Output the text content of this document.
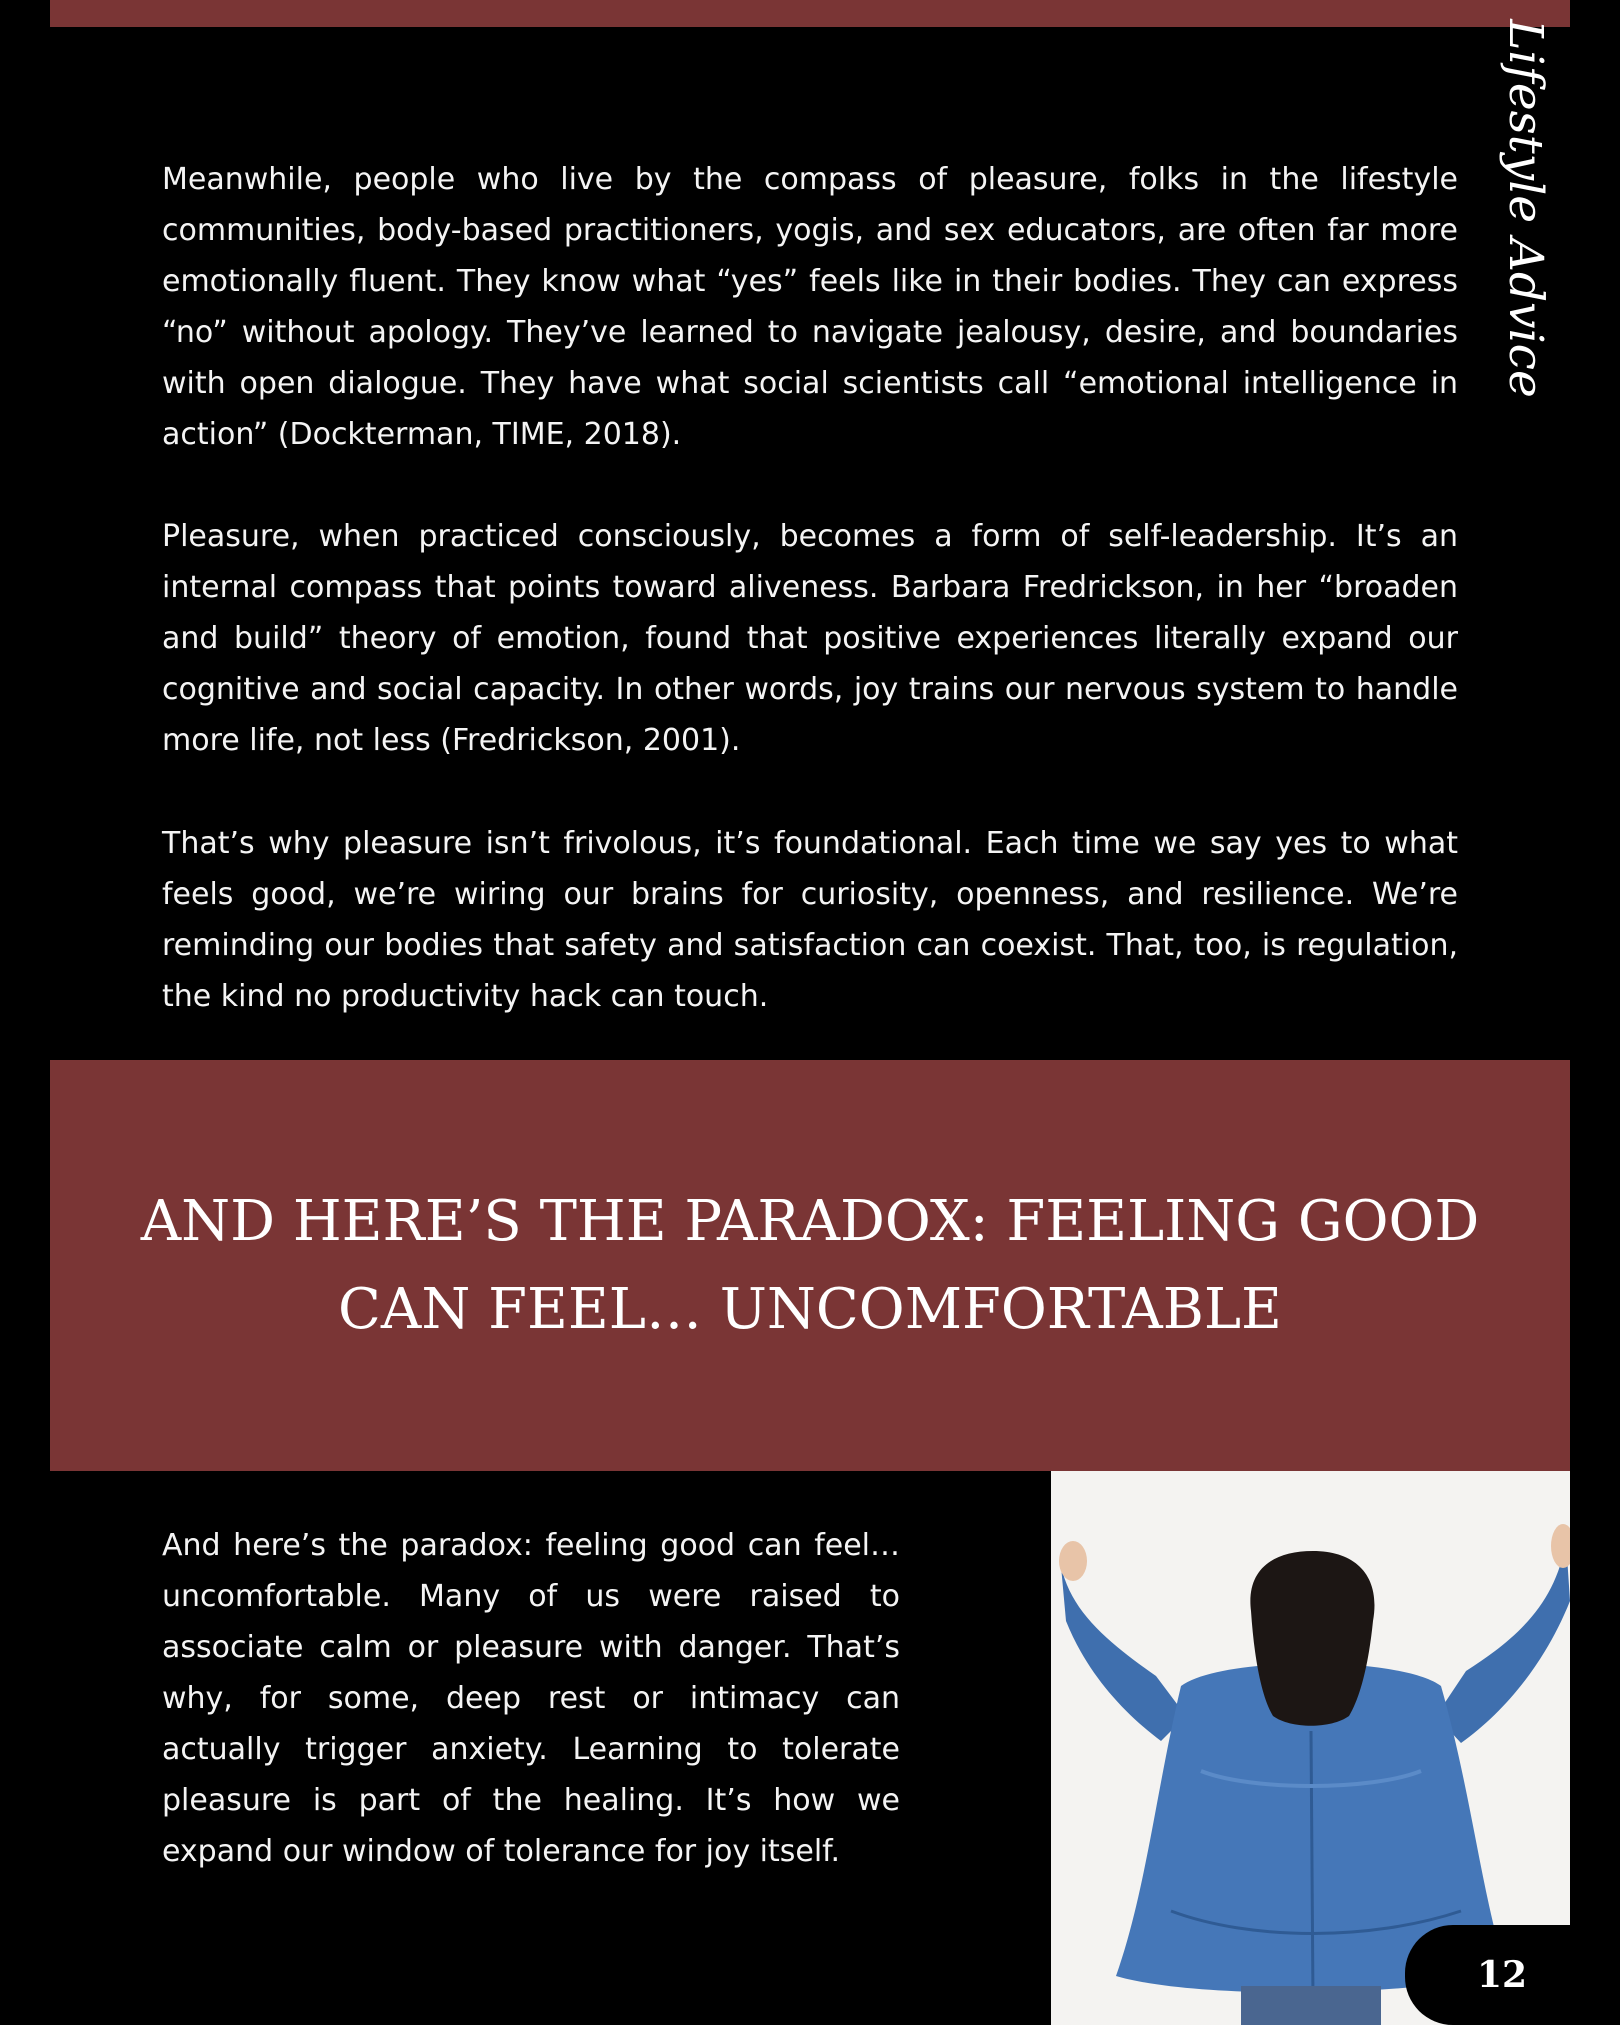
Lifestyle Advice

Meanwhile, people who live by the compass of pleasure, folks in the lifestyle communities, body-based practitioners, yogis, and sex educators, are often far more emotionally fluent. They know what “yes” feels like in their bodies. They can express “no” without apology. They’ve learned to navigate jealousy, desire, and boundaries with open dialogue. They have what social scientists call “emotional intelligence in action” (Dockterman, TIME, 2018).

Pleasure, when practiced consciously, becomes a form of self-leadership. It’s an internal compass that points toward aliveness. Barbara Fredrickson, in her “broaden and build” theory of emotion, found that positive experiences literally expand our cognitive and social capacity. In other words, joy trains our nervous system to handle more life, not less (Fredrickson, 2001).

That’s why pleasure isn’t frivolous, it’s foundational. Each time we say yes to what feels good, we’re wiring our brains for curiosity, openness, and resilience. We’re reminding our bodies that safety and satisfaction can coexist. That, too, is regulation, the kind no productivity hack can touch.

AND HERE’S THE PARADOX: FEELING GOOD CAN FEEL… UNCOMFORTABLE

And here’s the paradox: feeling good can feel… uncomfortable. Many of us were raised to associate calm or pleasure with danger. That’s why, for some, deep rest or intimacy can actually trigger anxiety. Learning to tolerate pleasure is part of the healing. It’s how we expand our window of tolerance for joy itself.

12
